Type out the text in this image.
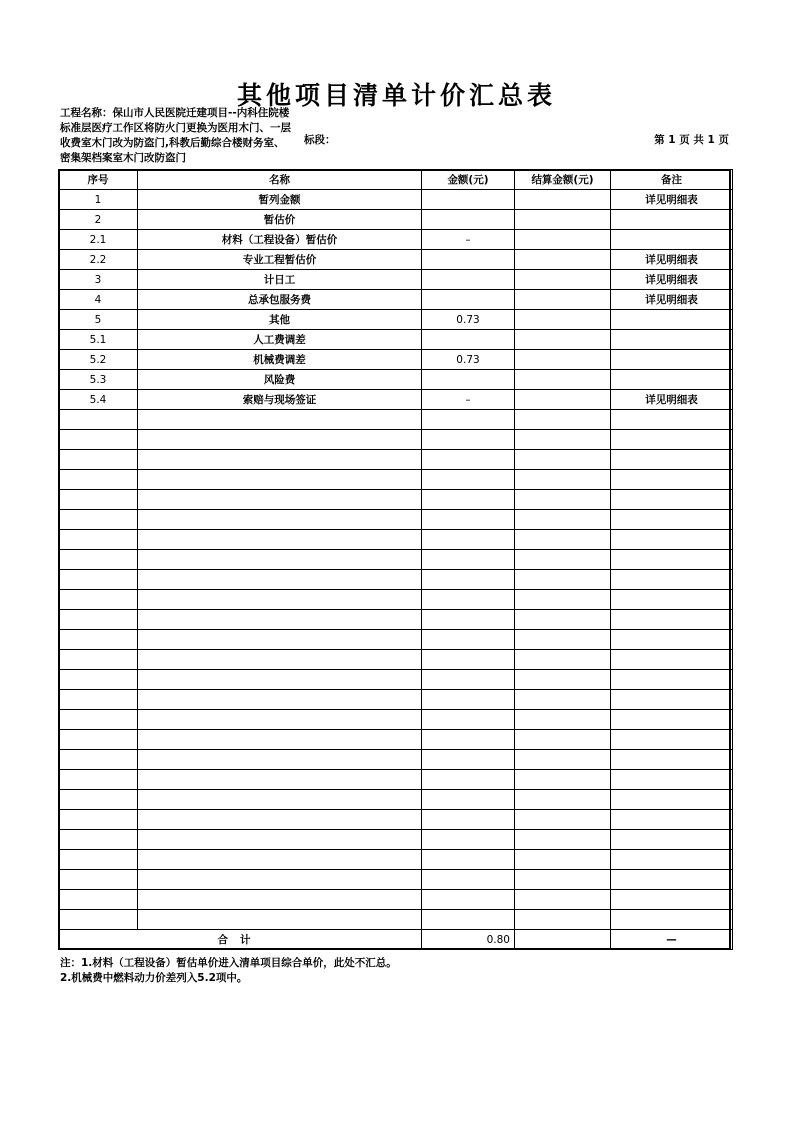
其他项目清单计价汇总表
工程名称：保山市人民医院迁建项目--内科住院楼标准层医疗工作区将防火门更换为医用木门、一层收费室木门改为防盗门,科教后勤综合楼财务室、密集架档案室木门改防盗门
标段：	第 1 页 共 1 页
序号	名称	金额(元)	结算金额(元)	备注
1	暂列金额			详见明细表
2	暂估价			
2.1	材料（工程设备）暂估价	–		
2.2	专业工程暂估价			详见明细表
3	计日工			详见明细表
4	总承包服务费			详见明细表
5	其他	0.73		
5.1	人工费调差			
5.2	机械费调差	0.73		
5.3	风险费			
5.4	索赔与现场签证	–		详见明细表

合计		0.80		—
注：1.材料（工程设备）暂估单价进入清单项目综合单价，此处不汇总。
2.机械费中燃料动力价差列入5.2项中。
